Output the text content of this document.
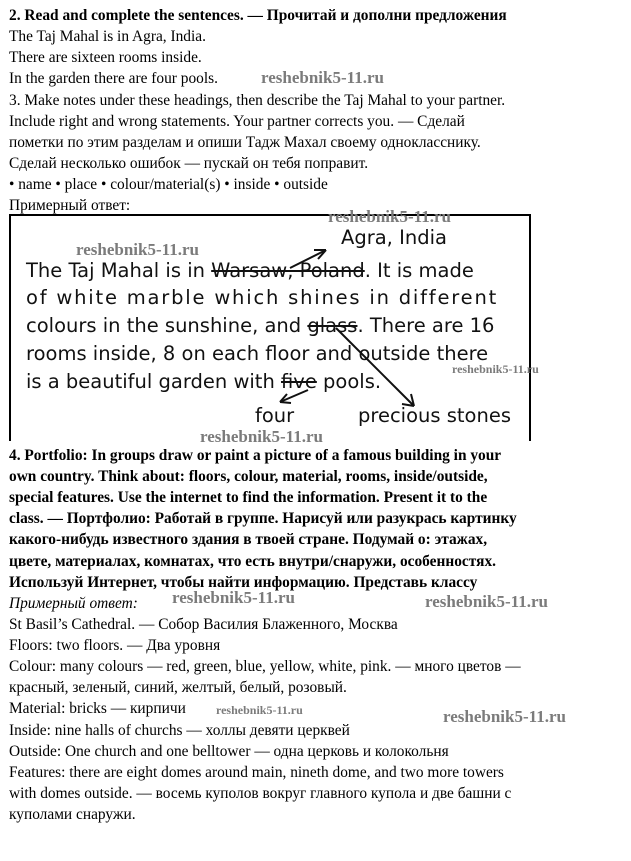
2. Read and complete the sentences. — Прочитай и дополни предложения
The Taj Mahal is in Agra, India.
There are sixteen rooms inside.
In the garden there are four pools.
3. Make notes under these headings, then describe the Taj Mahal to your partner.
Include right and wrong statements. Your partner corrects you. — Сделай
пометки по этим разделам и опиши Тадж Махал своему однокласснику.
Сделай несколько ошибок — пускай он тебя поправит.
• name • place • colour/material(s) • inside • outside
Примерный ответ:
Agra, India
The Taj Mahal is in Warsaw, Poland. It is made
of white marble which shines in different
colours in the sunshine, and glass. There are 16
rooms inside, 8 on each floor and outside there
is a beautiful garden with five pools.
four	precious stones
4. Portfolio: In groups draw or paint a picture of a famous building in your
own country. Think about: floors, colour, material, rooms, inside/outside,
special features. Use the internet to find the information. Present it to the
class. — Портфолио: Работай в группе. Нарисуй или разукрась картинку
какого-нибудь известного здания в твоей стране. Подумай о: этажах,
цвете, материалах, комнатах, что есть внутри/снаружи, особенностях.
Используй Интернет, чтобы найти информацию. Представь классу
Примерный ответ:
St Basil’s Cathedral. — Собор Василия Блаженного, Москва
Floors: two floors. — Два уровня
Colour: many colours — red, green, blue, yellow, white, pink. — много цветов —
красный, зеленый, синий, желтый, белый, розовый.
Material: bricks — кирпичи
Inside: nine halls of churchs — холлы девяти церквей
Outside: One church and one belltower — одна церковь и колокольня
Features: there are eight domes around main, nineth dome, and two more towers
with domes outside. — восемь куполов вокруг главного купола и две башни с
куполами снаружи.
reshebnik5-11.ru
reshebnik5-11.ru
reshebnik5-11.ru
reshebnik5-11.ru
reshebnik5-11.ru
reshebnik5-11.ru	reshebnik5-11.ru
reshebnik5-11.ru	reshebnik5-11.ru
